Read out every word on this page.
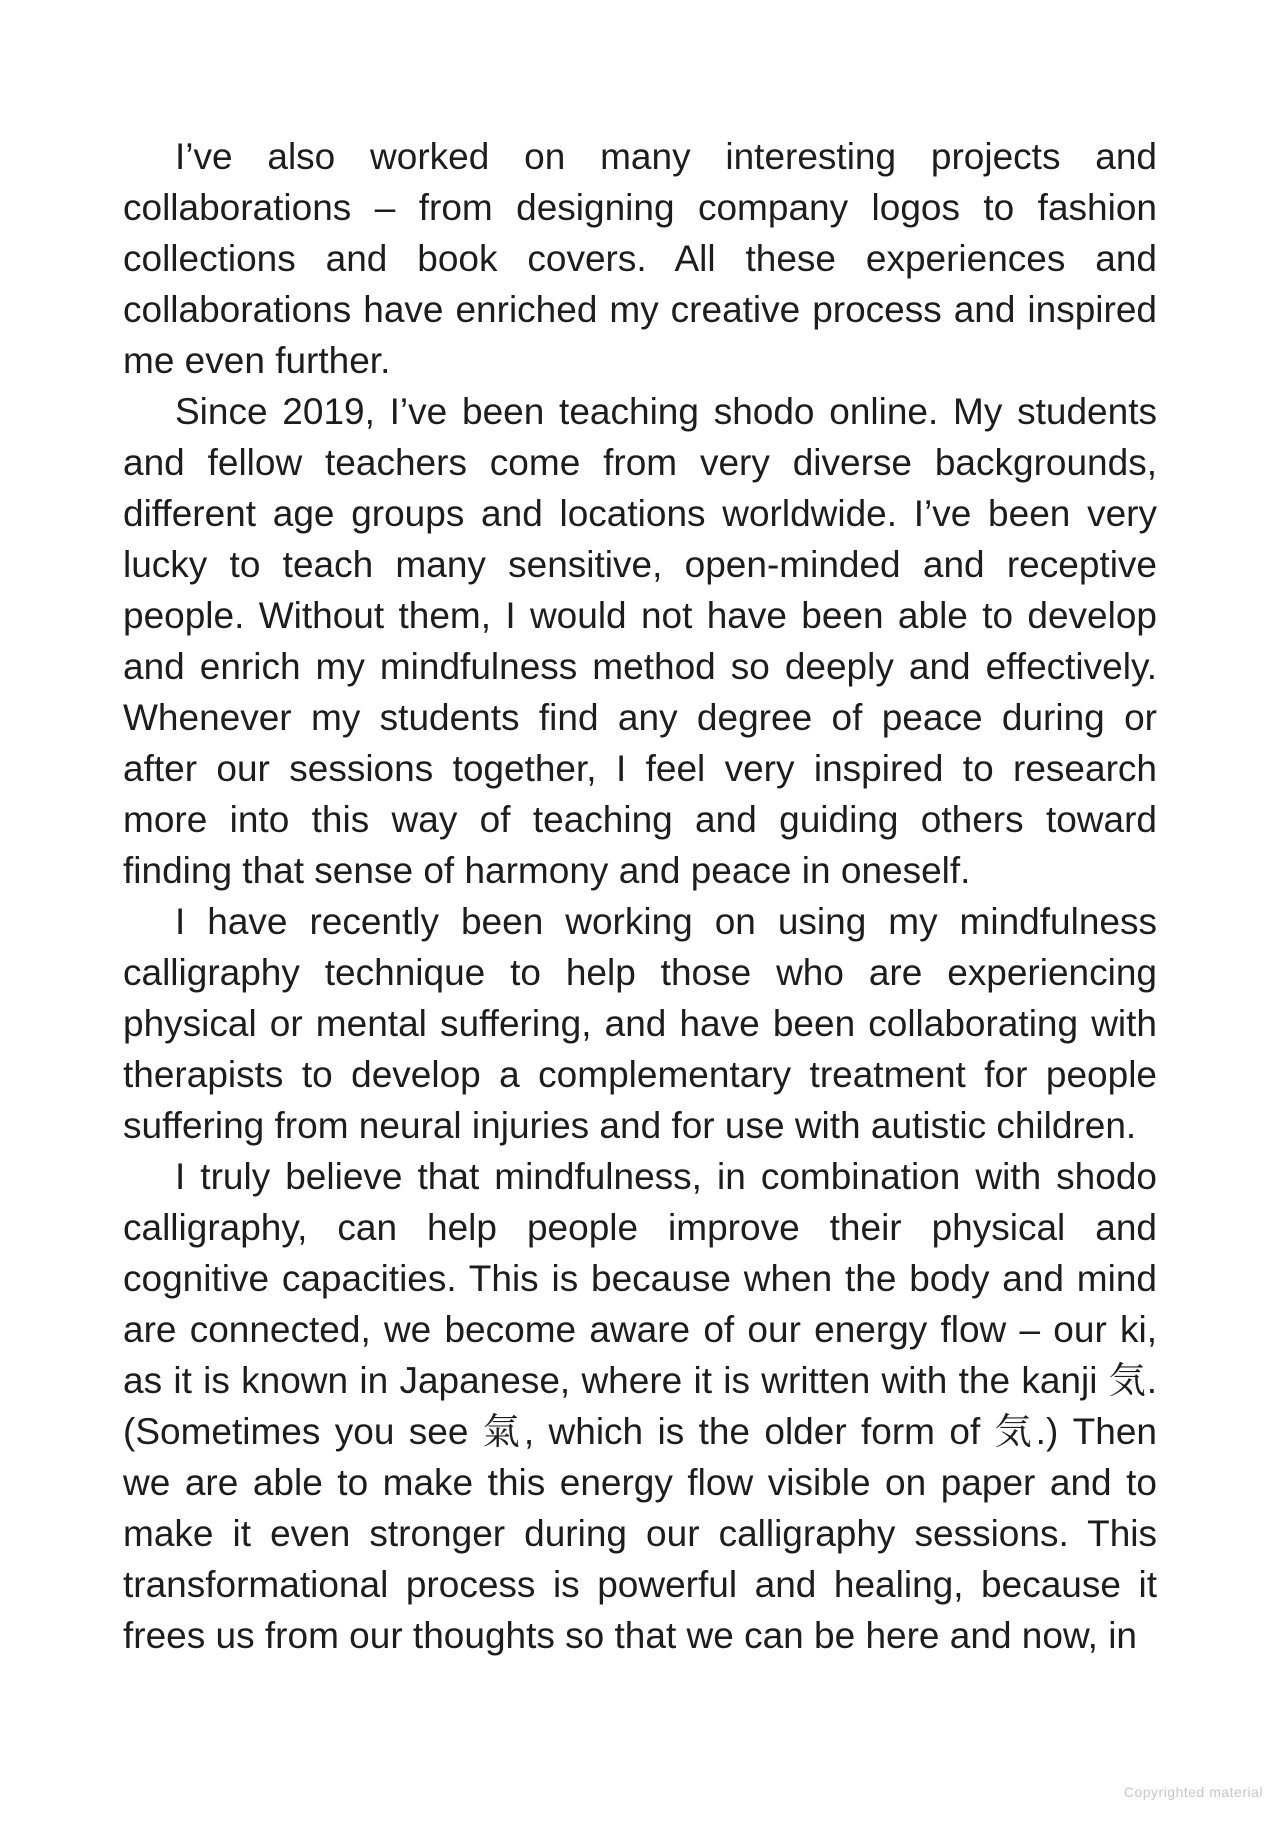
I’ve also worked on many interesting projects and collaborations – from designing company logos to fashion collections and book covers. All these experiences and collaborations have enriched my creative process and inspired me even further.

Since 2019, I’ve been teaching shodo online. My students and fellow teachers come from very diverse backgrounds, different age groups and locations worldwide. I’ve been very lucky to teach many sensitive, open-minded and receptive people. Without them, I would not have been able to develop and enrich my mindfulness method so deeply and effectively. Whenever my students find any degree of peace during or after our sessions together, I feel very inspired to research more into this way of teaching and guiding others toward finding that sense of harmony and peace in oneself.

I have recently been working on using my mindfulness calligraphy technique to help those who are experiencing physical or mental suffering, and have been collaborating with therapists to develop a complementary treatment for people suffering from neural injuries and for use with autistic children.

I truly believe that mindfulness, in combination with shodo calligraphy, can help people improve their physical and cognitive capacities. This is because when the body and mind are connected, we become aware of our energy flow – our ki, as it is known in Japanese, where it is written with the kanji 気. (Sometimes you see 氣, which is the older form of 気.) Then we are able to make this energy flow visible on paper and to make it even stronger during our calligraphy sessions. This transformational process is powerful and healing, because it frees us from our thoughts so that we can be here and now, in

Copyrighted material
